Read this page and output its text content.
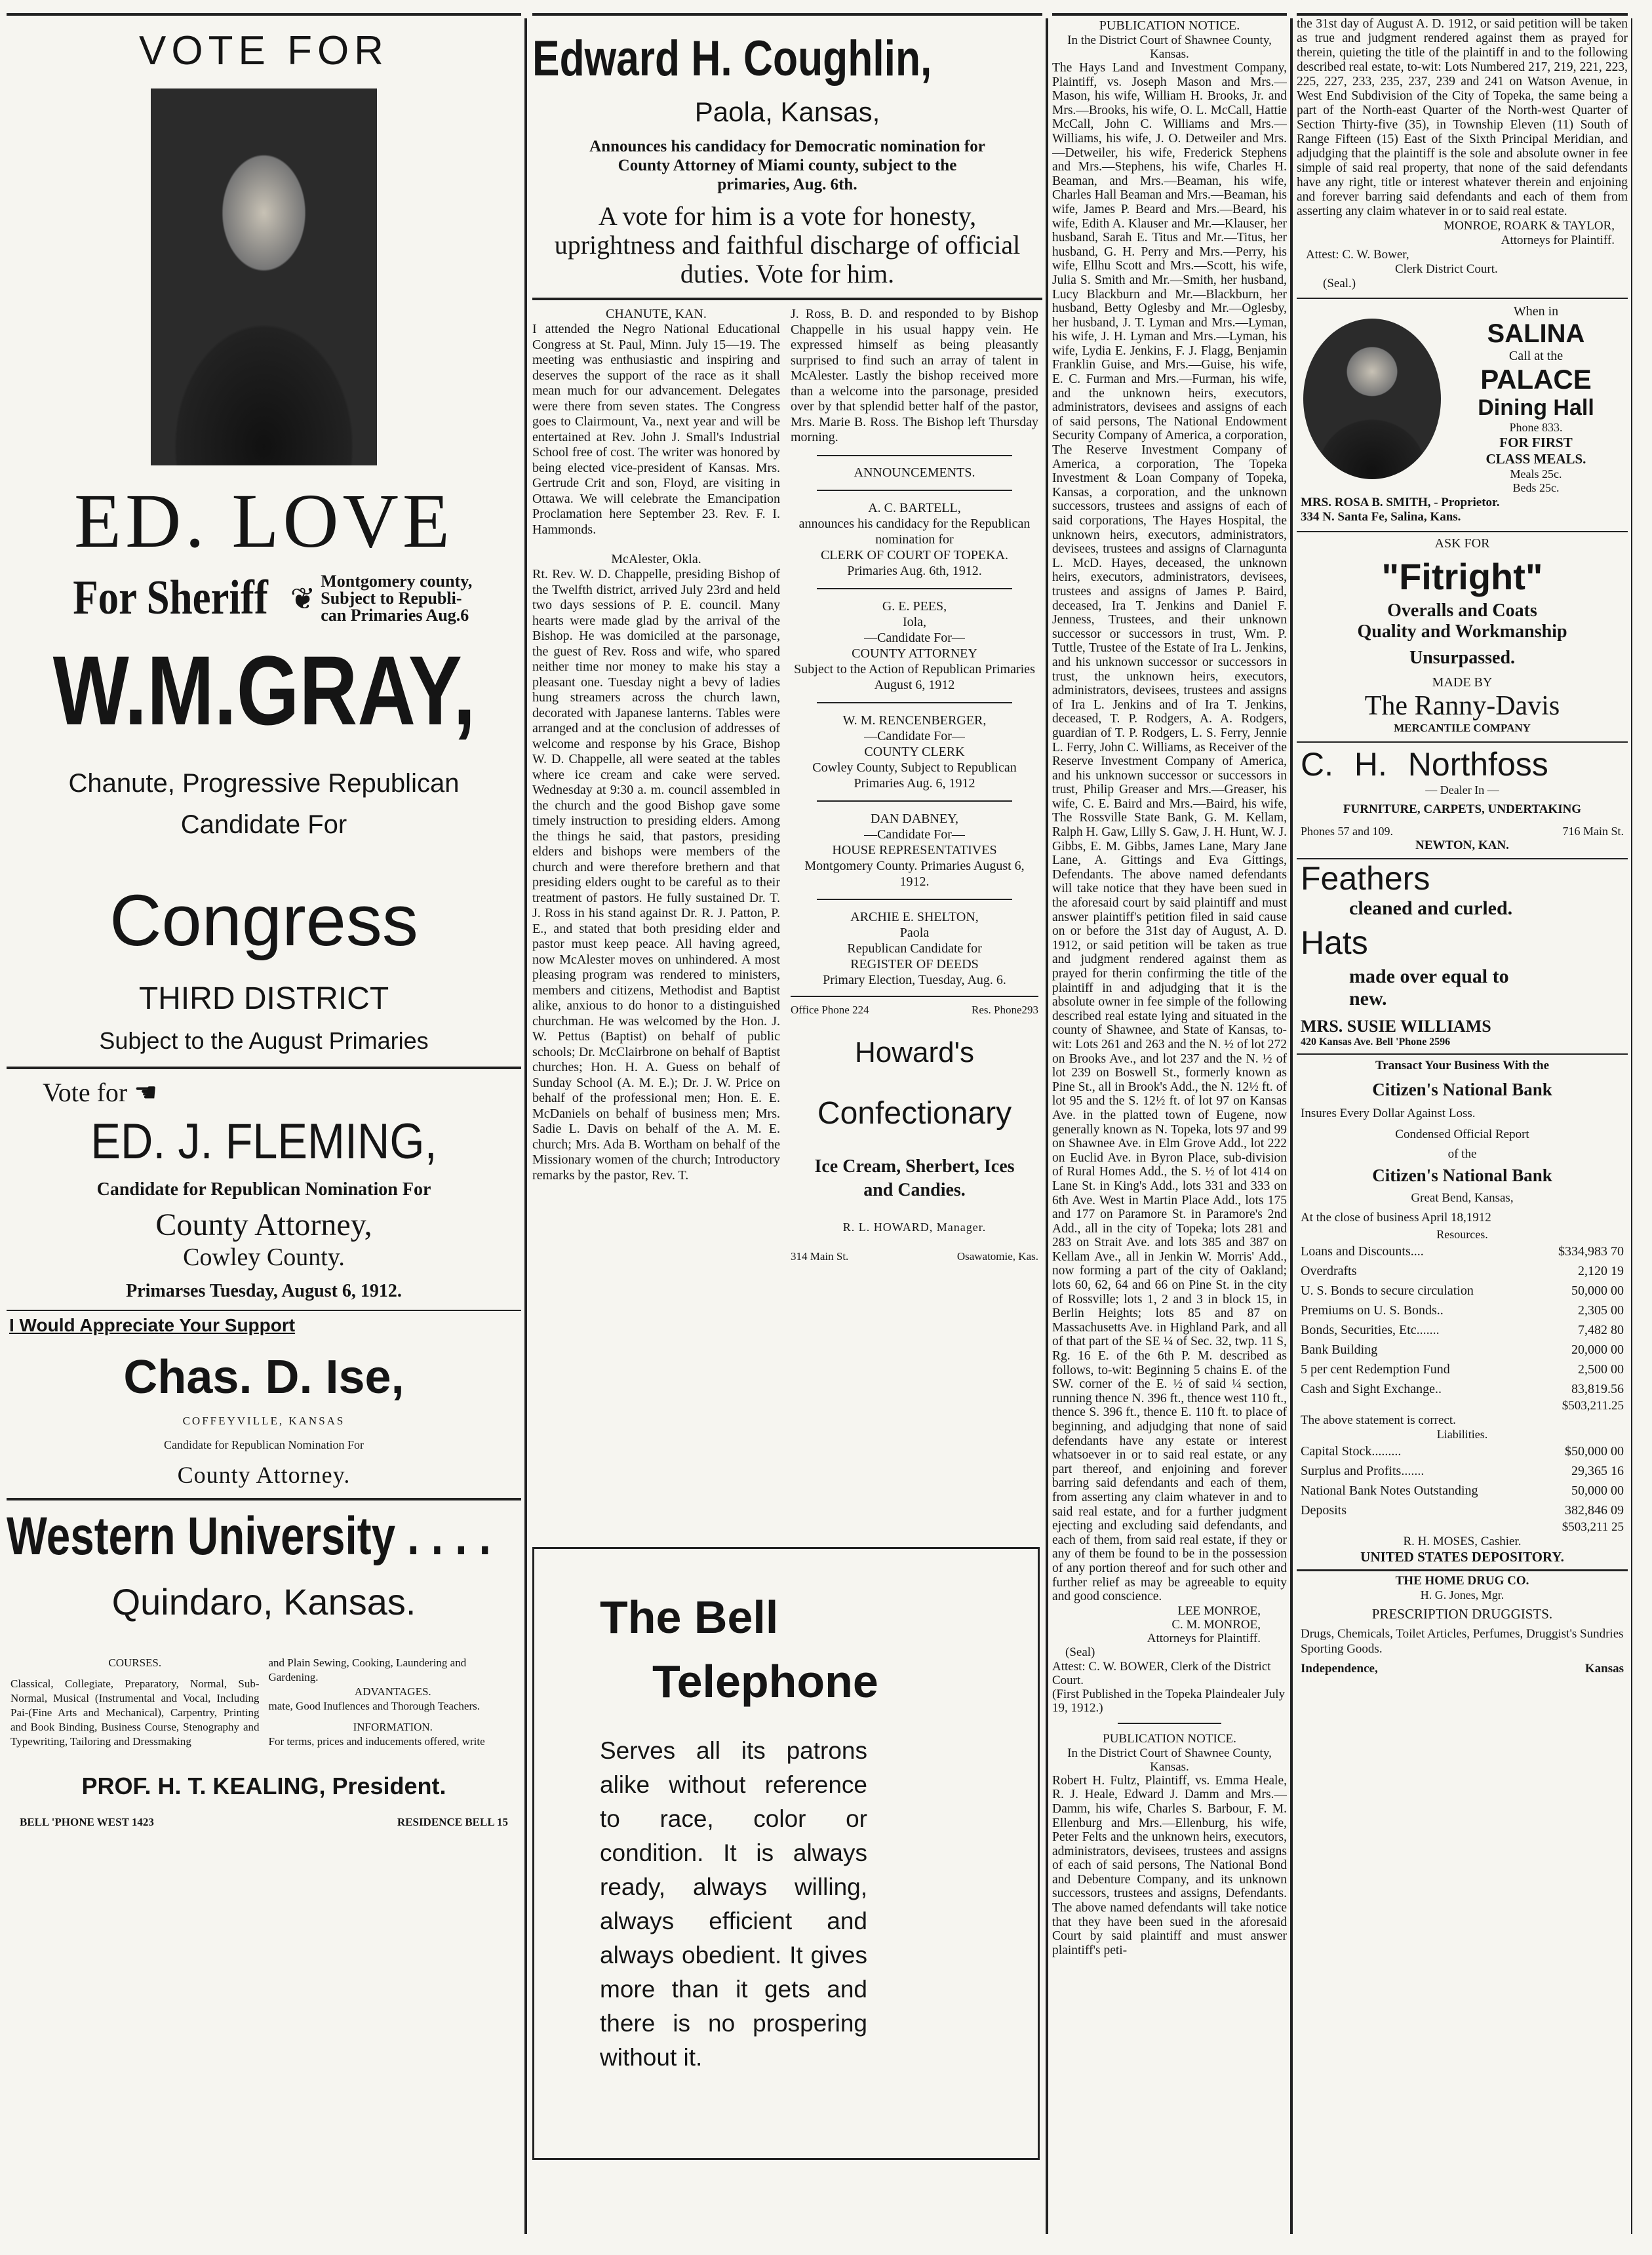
VOTE FOR
ED. LOVE
For Sheriff ❦
Montgomery county,
Subject to Republi-
can Primaries Aug.6
W.M.GRAY,
Chanute, Progressive Republican
Candidate For
Congress
THIRD DISTRICT
Subject to the August Primaries
Vote for ☚
ED. J. FLEMING,
Candidate for Republican Nomination For
County Attorney,
Cowley County.
Primarses Tuesday, August 6, 1912.
I Would Appreciate Your Support
Chas. D. Ise,
COFFEYVILLE, KANSAS
Candidate for Republican Nomination For
County Attorney.
Western University . . . .
Quindaro, Kansas.
COURSES.
Classical, Collegiate, Preparatory, Normal, Sub-Normal, Musical (Instrumental and Vocal, Including Pai-(Fine Arts and Mechanical), Carpentry, Printing and Book Binding, Business Course, Stenography and Typewriting, Tailoring and Dressmaking
and Plain Sewing, Cooking, Laundering and Gardening.
ADVANTAGES.
mate, Good Inuflences and Thorough Teachers.
INFORMATION.
For terms, prices and inducements offered, write
PROF. H. T. KEALING, President.
BELL 'PHONE WEST 1423	RESIDENCE BELL 15
Edward H. Coughlin,
Paola, Kansas,
Announces his candidacy for Democratic nomination for County Attorney of Miami county, subject to the primaries, Aug. 6th.
A vote for him is a vote for honesty, uprightness and faithful discharge of official duties. Vote for him.
CHANUTE, KAN.
I attended the Negro National Educational Congress at St. Paul, Minn. July 15—19. The meeting was enthusiastic and inspiring and deserves the support of the race as it shall mean much for our advancement. Delegates were there from seven states. The Congress goes to Clairmount, Va., next year and will be entertained at Rev. John J. Small's Industrial School free of cost. The writer was honored by being elected vice-president of Kansas. Mrs. Gertrude Crit and son, Floyd, are visiting in Ottawa. We will celebrate the Emancipation Proclamation here September 23. Rev. F. I. Hammonds.
McAlester, Okla.
Rt. Rev. W. D. Chappelle, presiding Bishop of the Twelfth district, arrived July 23rd and held two days sessions of P. E. council. Many hearts were made glad by the arrival of the Bishop. He was domiciled at the parsonage, the guest of Rev. Ross and wife, who spared neither time nor money to make his stay a pleasant one. Tuesday night a bevy of ladies hung streamers across the church lawn, decorated with Japanese lanterns. Tables were arranged and at the conclusion of addresses of welcome and response by his Grace, Bishop W. D. Chappelle, all were seated at the tables where ice cream and cake were served. Wednesday at 9:30 a. m. council assembled in the church and the good Bishop gave some timely instruction to presiding elders. Among the things he said, that pastors, presiding elders and bishops were members of the church and were therefore brethern and that presiding elders ought to be careful as to their treatment of pastors. He fully sustained Dr. T. J. Ross in his stand against Dr. R. J. Patton, P. E., and stated that both presiding elder and pastor must keep peace. All having agreed, now McAlester moves on unhindered. A most pleasing program was rendered to ministers, members and citizens, Methodist and Baptist alike, anxious to do honor to a distinguished churchman. He was welcomed by the Hon. J. W. Pettus (Baptist) on behalf of public schools; Dr. McClairbrone on behalf of Baptist churches; Hon. H. A. Guess on behalf of Sunday School (A. M. E.); Dr. J. W. Price on behalf of the professional men; Hon. E. E. McDaniels on behalf of business men; Mrs. Sadie L. Davis on behalf of the A. M. E. church; Mrs. Ada B. Wortham on behalf of the Missionary women of the church; Introductory remarks by the pastor, Rev. T.
J. Ross, B. D. and responded to by Bishop Chappelle in his usual happy vein. He expressed himself as being pleasantly surprised to find such an array of talent in McAlester. Lastly the bishop received more than a welcome into the parsonage, presided over by that splendid better half of the pastor, Mrs. Marie B. Ross. The Bishop left Thursday morning.
ANNOUNCEMENTS.
A. C. BARTELL,
announces his candidacy for the Republican nomination for
CLERK OF COURT OF TOPEKA.
Primaries Aug. 6th, 1912.
G. E. PEES,
Iola,
—Candidate For—
COUNTY ATTORNEY
Subject to the Action of Republican Primaries August 6, 1912
W. M. RENCENBERGER,
—Candidate For—
COUNTY CLERK
Cowley County, Subject to Republican Primaries Aug. 6, 1912
DAN DABNEY,
—Candidate For—
HOUSE REPRESENTATIVES
Montgomery County. Primaries August 6, 1912.
ARCHIE E. SHELTON,
Paola
Republican Candidate for
REGISTER OF DEEDS
Primary Election, Tuesday, Aug. 6.
Office Phone 224	Res. Phone293
Howard's
Confectionary
Ice Cream, Sherbert, Ices and Candies.
R. L. HOWARD, Manager.
314 Main St.	Osawatomie, Kas.
The Bell
Telephone
Serves all its patrons alike without reference to race, color or condition. It is always ready, always willing, always efficient and always obedient. It gives more than it gets and there is no prospering without it.
PUBLICATION NOTICE.
In the District Court of Shawnee County, Kansas.
The Hays Land and Investment Company, Plaintiff, vs. Joseph Mason and Mrs.—Mason, his wife, William H. Brooks, Jr. and Mrs.—Brooks, his wife, O. L. McCall, Hattie McCall, John C. Williams and Mrs.—Williams, his wife, J. O. Detweiler and Mrs.—Detweiler, his wife, Frederick Stephens and Mrs.—Stephens, his wife, Charles H. Beaman, and Mrs.—Beaman, his wife, Charles Hall Beaman and Mrs.—Beaman, his wife, James P. Beard and Mrs.—Beard, his wife, Edith A. Klauser and Mr.—Klauser, her husband, Sarah E. Titus and Mr.—Titus, her husband, G. H. Perry and Mrs.—Perry, his wife, Ellhu Scott and Mrs.—Scott, his wife, Julia S. Smith and Mr.—Smith, her husband, Lucy Blackburn and Mr.—Blackburn, her husband, Betty Oglesby and Mr.—Oglesby, her husband, J. T. Lyman and Mrs.—Lyman, his wife, J. H. Lyman and Mrs.—Lyman, his wife, Lydia E. Jenkins, F. J. Flagg, Benjamin Franklin Guise, and Mrs.—Guise, his wife, E. C. Furman and Mrs.—Furman, his wife, and the unknown heirs, executors, administrators, devisees and assigns of each of said persons, The National Endowment Security Company of America, a corporation, The Reserve Investment Company of America, a corporation, The Topeka Investment & Loan Company of Topeka, Kansas, a corporation, and the unknown successors, trustees and assigns of each of said corporations, The Hayes Hospital, the unknown heirs, executors, administrators, devisees, trustees and assigns of Clarnagunta L. McD. Hayes, deceased, the unknown heirs, executors, administrators, devisees, trustees and assigns of James P. Baird, deceased, Ira T. Jenkins and Daniel F. Jenness, Trustees, and their unknown successor or successors in trust, Wm. P. Tuttle, Trustee of the Estate of Ira L. Jenkins, and his unknown successor or successors in trust, the unknown heirs, executors, administrators, devisees, trustees and assigns of Ira L. Jenkins and of Ira T. Jenkins, deceased, T. P. Rodgers, A. A. Rodgers, guardian of T. P. Rodgers, L. S. Ferry, Jennie L. Ferry, John C. Williams, as Receiver of the Reserve Investment Company of America, and his unknown successor or successors in trust, Philip Greaser and Mrs.—Greaser, his wife, C. E. Baird and Mrs.—Baird, his wife, The Rossville State Bank, G. M. Kellam, Ralph H. Gaw, Lilly S. Gaw, J. H. Hunt, W. J. Gibbs, E. M. Gibbs, James Lane, Mary Jane Lane, A. Gittings and Eva Gittings, Defendants. The above named defendants will take notice that they have been sued in the aforesaid court by said plaintiff and must answer plaintiff's petition filed in said cause on or before the 31st day of August, A. D. 1912, or said petition will be taken as true and judgment rendered against them as prayed for therin confirming the title of the plaintiff in and adjudging that it is the absolute owner in fee simple of the following described real estate lying and situated in the county of Shawnee, and State of Kansas, to-wit: Lots 261 and 263 and the N. ½ of lot 272 on Brooks Ave., and lot 237 and the N. ½ of lot 239 on Boswell St., formerly known as Pine St., all in Brook's Add., the N. 12½ ft. of lot 95 and the S. 12½ ft. of lot 97 on Kansas Ave. in the platted town of Eugene, now generally known as N. Topeka, lots 97 and 99 on Shawnee Ave. in Elm Grove Add., lot 222 on Euclid Ave. in Byron Place, sub-division of Rural Homes Add., the S. ½ of lot 414 on Lane St. in King's Add., lots 331 and 333 on 6th Ave. West in Martin Place Add., lots 175 and 177 on Paramore St. in Paramore's 2nd Add., all in the city of Topeka; lots 281 and 283 on Strait Ave. and lots 385 and 387 on Kellam Ave., all in Jenkin W. Morris' Add., now forming a part of the city of Oakland; lots 60, 62, 64 and 66 on Pine St. in the city of Rossville; lots 1, 2 and 3 in block 15, in Berlin Heights; lots 85 and 87 on Massachusetts Ave. in Highland Park, and all of that part of the SE ¼ of Sec. 32, twp. 11 S, Rg. 16 E. of the 6th P. M. described as follows, to-wit: Beginning 5 chains E. of the SW. corner of the E. ½ of said ¼ section, running thence N. 396 ft., thence west 110 ft., thence S. 396 ft., thence E. 110 ft. to place of beginning, and adjudging that none of said defendants have any estate or interest whatsoever in or to said real estate, or any part thereof, and enjoining and forever barring said defendants and each of them, from asserting any claim whatever in and to said real estate, and for a further judgment ejecting and excluding said defendants, and each of them, from said real estate, if they or any of them be found to be in the possession of any portion thereof and for such other and further relief as may be agreeable to equity and good conscience.
LEE MONROE,
C. M. MONROE,
Attorneys for Plaintiff.
(Seal)
Attest: C. W. BOWER, Clerk of the District Court.
(First Published in the Topeka Plaindealer July 19, 1912.)
PUBLICATION NOTICE.
In the District Court of Shawnee County, Kansas.
Robert H. Fultz, Plaintiff, vs. Emma Heale, R. J. Heale, Edward J. Damm and Mrs.—Damm, his wife, Charles S. Barbour, F. M. Ellenburg and Mrs.—Ellenburg, his wife, Peter Felts and the unknown heirs, executors, administrators, devisees, trustees and assigns of each of said persons, The National Bond and Debenture Company, and its unknown successors, trustees and assigns, Defendants. The above named defendants will take notice that they have been sued in the aforesaid Court by said plaintiff and must answer plaintiff's peti-
the 31st day of August A. D. 1912, or said petition will be taken as true and judgment rendered against them as prayed for therein, quieting the title of the plaintiff in and to the following described real estate, to-wit: Lots Numbered 217, 219, 221, 223, 225, 227, 233, 235, 237, 239 and 241 on Watson Avenue, in West End Subdivision of the City of Topeka, the same being a part of the North-east Quarter of the North-west Quarter of Section Thirty-five (35), in Township Eleven (11) South of Range Fifteen (15) East of the Sixth Principal Meridian, and adjudging that the plaintiff is the sole and absolute owner in fee simple of said real property, that none of the said defendants have any right, title or interest whatever therein and enjoining and forever barring said defendants and each of them from asserting any claim whatever in or to said real estate.
MONROE, ROARK & TAYLOR,
Attorneys for Plaintiff.
Attest: C. W. Bower,
Clerk District Court.
(Seal.)
When in
SALINA
Call at the
PALACE
Dining Hall
Phone 833.
FOR FIRST
CLASS MEALS.
Meals 25c.
Beds 25c.
MRS. ROSA B. SMITH, - Proprietor.
334 N. Santa Fe, Salina, Kans.
ASK FOR
"Fitright"
Overalls and Coats
Quality and Workmanship
Unsurpassed.
MADE BY
The Ranny-Davis
MERCANTILE COMPANY
C. H. Northfoss
— Dealer In —
FURNITURE, CARPETS, UNDERTAKING
Phones 57 and 109.	716 Main St.
NEWTON, KAN.
Feathers
cleaned and curled.
Hats
made over equal to new.
MRS. SUSIE WILLIAMS
420 Kansas Ave. Bell 'Phone 2596
Transact Your Business With the
Citizen's National Bank
Insures Every Dollar Against Loss.
Condensed Official Report
of the
Citizen's National Bank
Great Bend, Kansas,
At the close of business April 18,1912
Resources.
Loans and Discounts....	$334,983 70
Overdrafts	2,120 19
U. S. Bonds to secure circulation	50,000 00
Premiums on U. S. Bonds..	2,305 00
Bonds, Securities, Etc.......	7,482 80
Bank Building	20,000 00
5 per cent Redemption Fund	2,500 00
Cash and Sight Exchange..	83,819.56
$503,211.25
The above statement is correct.
Liabilities.
Capital Stock.........	$50,000 00
Surplus and Profits.......	29,365 16
National Bank Notes Outstanding	50,000 00
Deposits	382,846 09
$503,211 25
R. H. MOSES, Cashier.
UNITED STATES DEPOSITORY.
THE HOME DRUG CO.
H. G. Jones, Mgr.
PRESCRIPTION DRUGGISTS.
Drugs, Chemicals, Toilet Articles, Perfumes, Druggist's Sundries Sporting Goods.
Independence,	Kansas
